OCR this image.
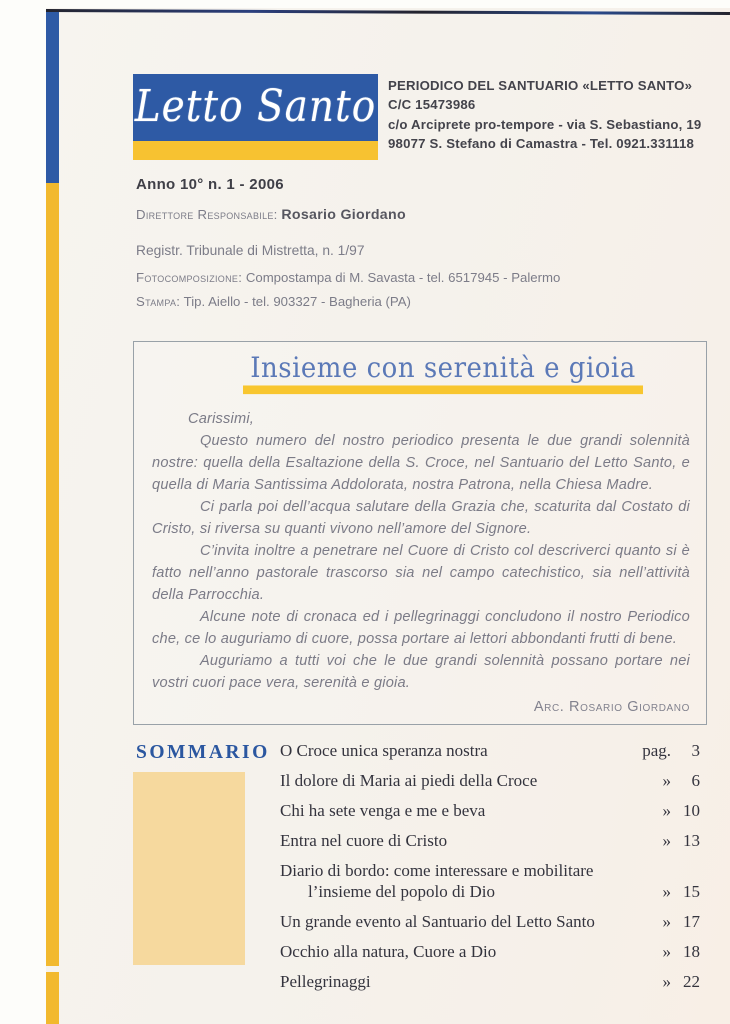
Letto Santo PERIODICO DEL SANTUARIO «LETTO SANTO»
C/C 15473986
c/o Arciprete pro-tempore - via S. Sebastiano, 19
98077 S. Stefano di Camastra - Tel. 0921.331118
Anno 10° n. 1 - 2006
Direttore Responsabile: Rosario Giordano
Registr. Tribunale di Mistretta, n. 1/97
Fotocomposizione: Compostampa di M. Savasta - tel. 6517945 - Palermo
Stampa: Tip. Aiello - tel. 903327 - Bagheria (PA)
Insieme con serenità e gioia

Carissimi,

Questo numero del nostro periodico presenta le due grandi solennità nostre: quella della Esaltazione della S. Croce, nel Santuario del Letto Santo, e quella di Maria Santissima Addolorata, nostra Patrona, nella Chiesa Madre.

Ci parla poi dell’acqua salutare della Grazia che, scaturita dal Costato di Cristo, si riversa su quanti vivono nell’amore del Signore.

C’invita inoltre a penetrare nel Cuore di Cristo col descriverci quanto si è fatto nell’anno pastorale trascorso sia nel campo catechistico, sia nell’attività della Parrocchia.

Alcune note di cronaca ed i pellegrinaggi concludono il nostro Periodico che, ce lo auguriamo di cuore, possa portare ai lettori abbondanti frutti di bene.

Auguriamo a tutti voi che le due grandi solennità possano portare nei vostri cuori pace vera, serenità e gioia.

Arc. Rosario Giordano
SOMMARIO O Croce unica speranza nostra	pag.	3
Il dolore di Maria ai piedi della Croce	»	6
Chi ha sete venga e me e beva	» 10
Entra nel cuore di Cristo	» 13
Diario di bordo: come interessare e mobilitare
l’insieme del popolo di Dio	» 15
Un grande evento al Santuario del Letto Santo	» 17
Occhio alla natura, Cuore a Dio	» 18
Pellegrinaggi	» 22
